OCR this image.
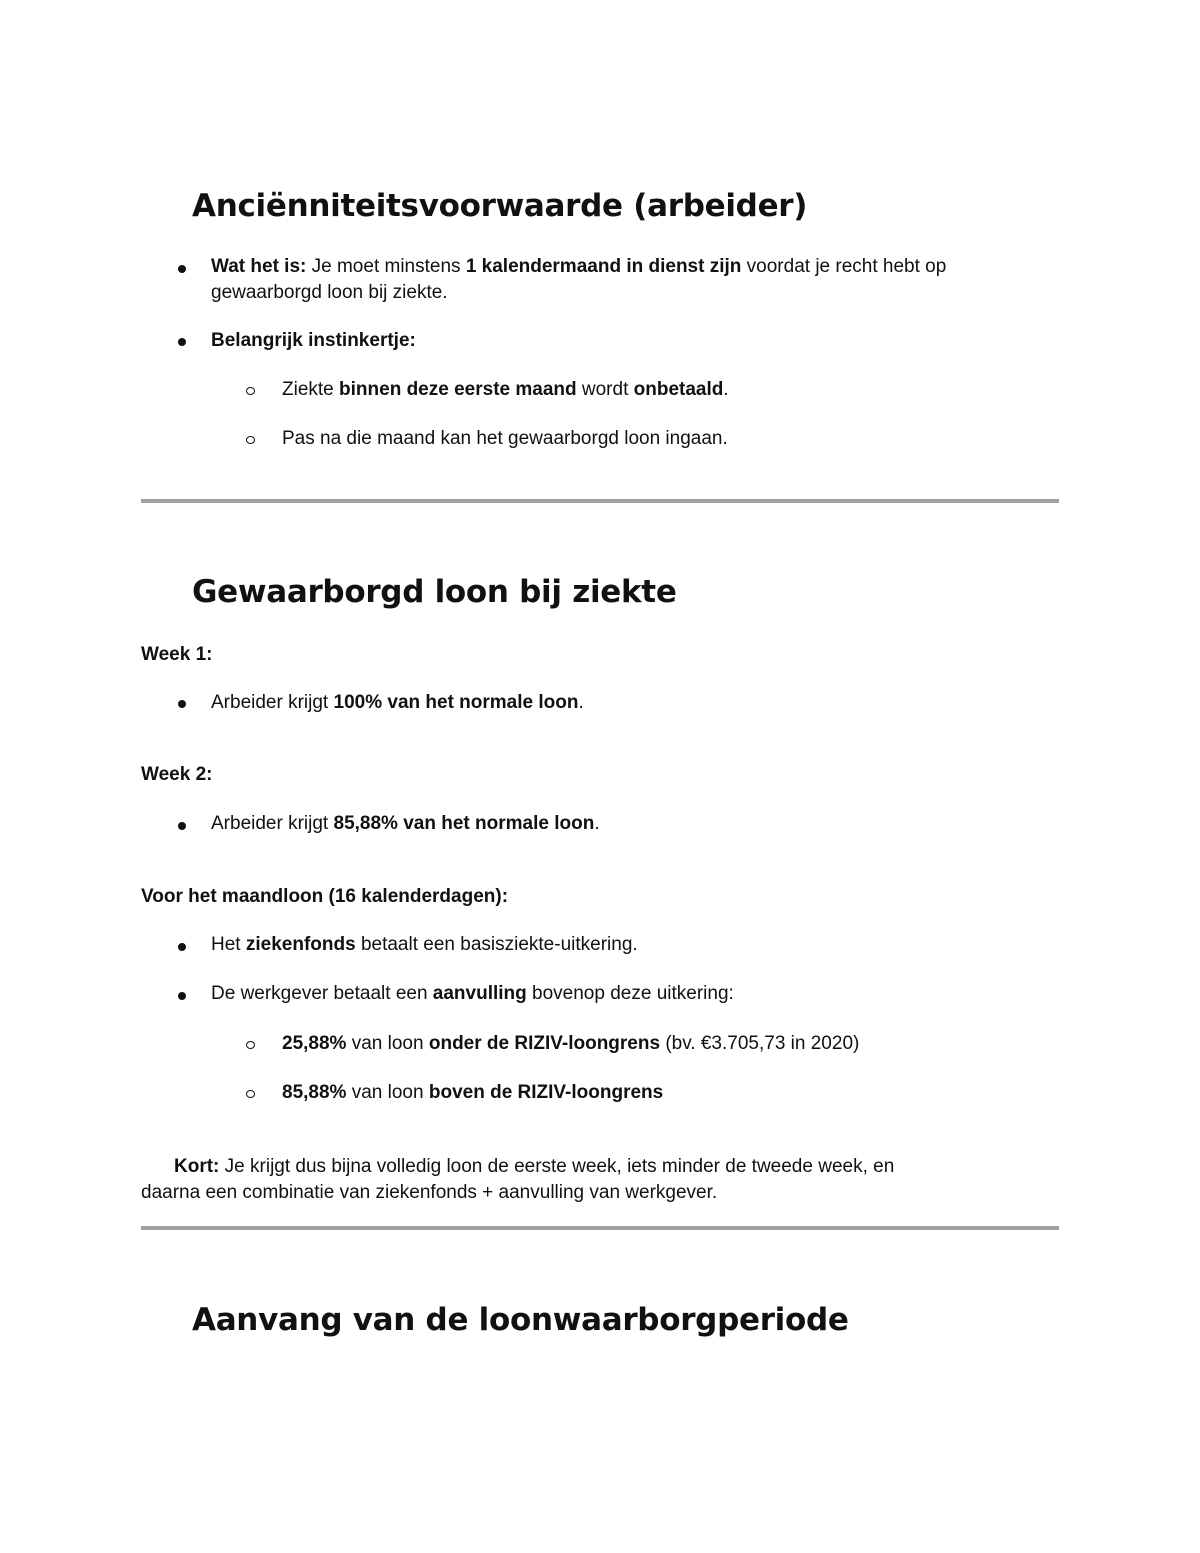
Anciënniteitsvoorwaarde (arbeider)
Wat het is: Je moet minstens 1 kalendermaand in dienst zijn voordat je recht hebt op
gewaarborgd loon bij ziekte.
Belangrijk instinkertje:
Ziekte binnen deze eerste maand wordt onbetaald.
Pas na die maand kan het gewaarborgd loon ingaan.
Gewaarborgd loon bij ziekte
Week 1:
Arbeider krijgt 100% van het normale loon.
Week 2:
Arbeider krijgt 85,88% van het normale loon.
Voor het maandloon (16 kalenderdagen):
Het ziekenfonds betaalt een basisziekte-uitkering.
De werkgever betaalt een aanvulling bovenop deze uitkering:
25,88% van loon onder de RIZIV-loongrens (bv. €3.705,73 in 2020)
85,88% van loon boven de RIZIV-loongrens
Kort: Je krijgt dus bijna volledig loon de eerste week, iets minder de tweede week, en
daarna een combinatie van ziekenfonds + aanvulling van werkgever.
Aanvang van de loonwaarborgperiode
